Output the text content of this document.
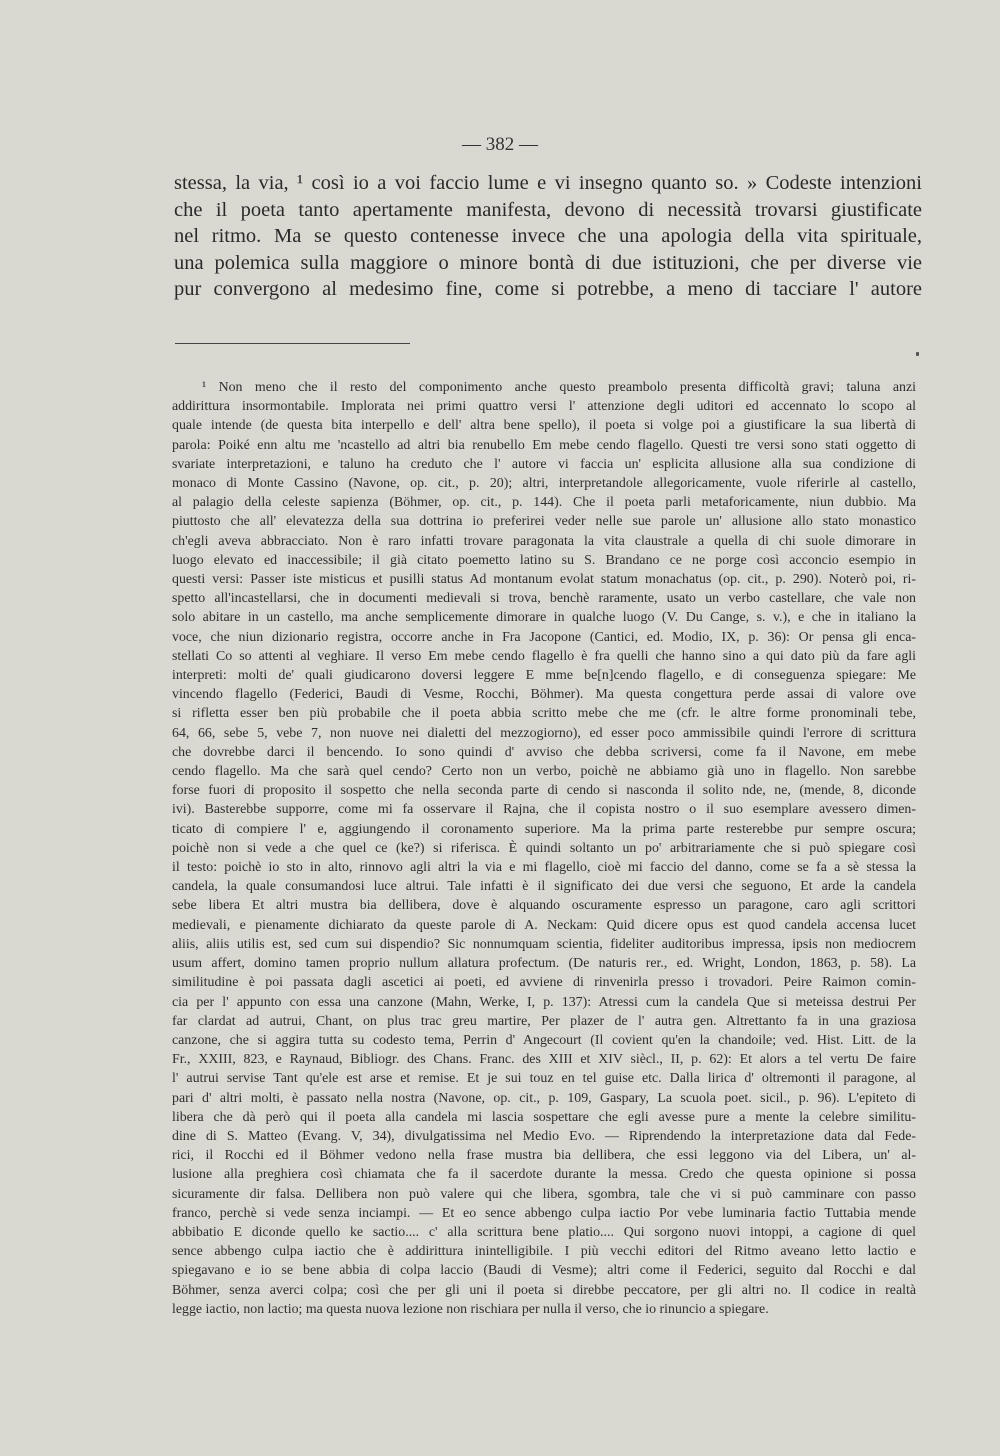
— 382 —
stessa, la via, ¹ così io a voi faccio lume e vi insegno quanto so. » Codeste intenzioni
che il poeta tanto apertamente manifesta, devono di necessità trovarsi giustificate
nel ritmo. Ma se questo contenesse invece che una apologia della vita spirituale,
una polemica sulla maggiore o minore bontà di due istituzioni, che per diverse vie
pur convergono al medesimo fine, come si potrebbe, a meno di tacciare l' autore
¹ Non meno che il resto del componimento anche questo preambolo presenta difficoltà gravi; taluna anzi
addirittura insormontabile. Implorata nei primi quattro versi l' attenzione degli uditori ed accennato lo scopo al
quale intende (de questa bita interpello e dell' altra bene spello), il poeta si volge poi a giustificare la sua libertà di
parola: Poiké enn altu me 'ncastello ad altri bia renubello Em mebe cendo flagello. Questi tre versi sono stati oggetto di
svariate interpretazioni, e taluno ha creduto che l' autore vi faccia un' esplicita allusione alla sua condizione di
monaco di Monte Cassino (Navone, op. cit., p. 20); altri, interpretandole allegoricamente, vuole riferirle al castello,
al palagio della celeste sapienza (Böhmer, op. cit., p. 144). Che il poeta parli metaforicamente, niun dubbio. Ma
piuttosto che all' elevatezza della sua dottrina io preferirei veder nelle sue parole un' allusione allo stato monastico
ch'egli aveva abbracciato. Non è raro infatti trovare paragonata la vita claustrale a quella di chi suole dimorare in
luogo elevato ed inaccessibile; il già citato poemetto latino su S. Brandano ce ne porge così acconcio esempio in
questi versi: Passer iste misticus et pusilli status Ad montanum evolat statum monachatus (op. cit., p. 290). Noterò poi, ri-
spetto all'incastellarsi, che in documenti medievali si trova, benchè raramente, usato un verbo castellare, che vale non
solo abitare in un castello, ma anche semplicemente dimorare in qualche luogo (V. Du Cange, s. v.), e che in italiano la
voce, che niun dizionario registra, occorre anche in Fra Jacopone (Cantici, ed. Modio, IX, p. 36): Or pensa gli enca-
stellati Co so attenti al veghiare. Il verso Em mebe cendo flagello è fra quelli che hanno sino a qui dato più da fare agli
interpreti: molti de' quali giudicarono doversi leggere E mme be[n]cendo flagello, e di conseguenza spiegare: Me
vincendo flagello (Federici, Baudi di Vesme, Rocchi, Böhmer). Ma questa congettura perde assai di valore ove
si rifletta esser ben più probabile che il poeta abbia scritto mebe che me (cfr. le altre forme pronominali tebe,
64, 66, sebe 5, vebe 7, non nuove nei dialetti del mezzogiorno), ed esser poco ammissibile quindi l'errore di scrittura
che dovrebbe darci il bencendo. Io sono quindi d' avviso che debba scriversi, come fa il Navone, em mebe
cendo flagello. Ma che sarà quel cendo? Certo non un verbo, poichè ne abbiamo già uno in flagello. Non sarebbe
forse fuori di proposito il sospetto che nella seconda parte di cendo si nasconda il solito nde, ne, (mende, 8, diconde
ivi). Basterebbe supporre, come mi fa osservare il Rajna, che il copista nostro o il suo esemplare avessero dimen-
ticato di compiere l' e, aggiungendo il coronamento superiore. Ma la prima parte resterebbe pur sempre oscura;
poichè non si vede a che quel ce (ke?) si riferisca. È quindi soltanto un po' arbitrariamente che si può spiegare così
il testo: poichè io sto in alto, rinnovo agli altri la via e mi flagello, cioè mi faccio del danno, come se fa a sè stessa la
candela, la quale consumandosi luce altrui. Tale infatti è il significato dei due versi che seguono, Et arde la candela
sebe libera Et altri mustra bia dellibera, dove è alquando oscuramente espresso un paragone, caro agli scrittori
medievali, e pienamente dichiarato da queste parole di A. Neckam: Quid dicere opus est quod candela accensa lucet
aliis, aliis utilis est, sed cum sui dispendio? Sic nonnumquam scientia, fideliter auditoribus impressa, ipsis non mediocrem
usum affert, domino tamen proprio nullum allatura profectum. (De naturis rer., ed. Wright, London, 1863, p. 58). La
similitudine è poi passata dagli ascetici ai poeti, ed avviene di rinvenirla presso i trovadori. Peire Raimon comin-
cia per l' appunto con essa una canzone (Mahn, Werke, I, p. 137): Atressi cum la candela Que si meteissa destrui Per
far clardat ad autrui, Chant, on plus trac greu martire, Per plazer de l' autra gen. Altrettanto fa in una graziosa
canzone, che si aggira tutta su codesto tema, Perrin d' Angecourt (Il covient qu'en la chandoile; ved. Hist. Litt. de la
Fr., XXIII, 823, e Raynaud, Bibliogr. des Chans. Franc. des XIII et XIV siècl., II, p. 62): Et alors a tel vertu De faire
l' autrui servise Tant qu'ele est arse et remise. Et je sui touz en tel guise etc. Dalla lirica d' oltremonti il paragone, al
pari d' altri molti, è passato nella nostra (Navone, op. cit., p. 109, Gaspary, La scuola poet. sicil., p. 96). L'epiteto di
libera che dà però qui il poeta alla candela mi lascia sospettare che egli avesse pure a mente la celebre similitu-
dine di S. Matteo (Evang. V, 34), divulgatissima nel Medio Evo. — Riprendendo la interpretazione data dal Fede-
rici, il Rocchi ed il Böhmer vedono nella frase mustra bia dellibera, che essi leggono via del Libera, un' al-
lusione alla preghiera così chiamata che fa il sacerdote durante la messa. Credo che questa opinione si possa
sicuramente dir falsa. Dellibera non può valere qui che libera, sgombra, tale che vi si può camminare con passo
franco, perchè si vede senza inciampi. — Et eo sence abbengo culpa iactio Por vebe luminaria factio Tuttabia mende
abbibatio E diconde quello ke sactio.... c' alla scrittura bene platio.... Qui sorgono nuovi intoppi, a cagione di quel
sence abbengo culpa iactio che è addirittura inintelligibile. I più vecchi editori del Ritmo aveano letto lactio e
spiegavano e io se bene abbia di colpa laccio (Baudi di Vesme); altri come il Federici, seguito dal Rocchi e dal
Böhmer, senza averci colpa; così che per gli uni il poeta si direbbe peccatore, per gli altri no. Il codice in realtà
legge iactio, non lactio; ma questa nuova lezione non rischiara per nulla il verso, che io rinuncio a spiegare.
